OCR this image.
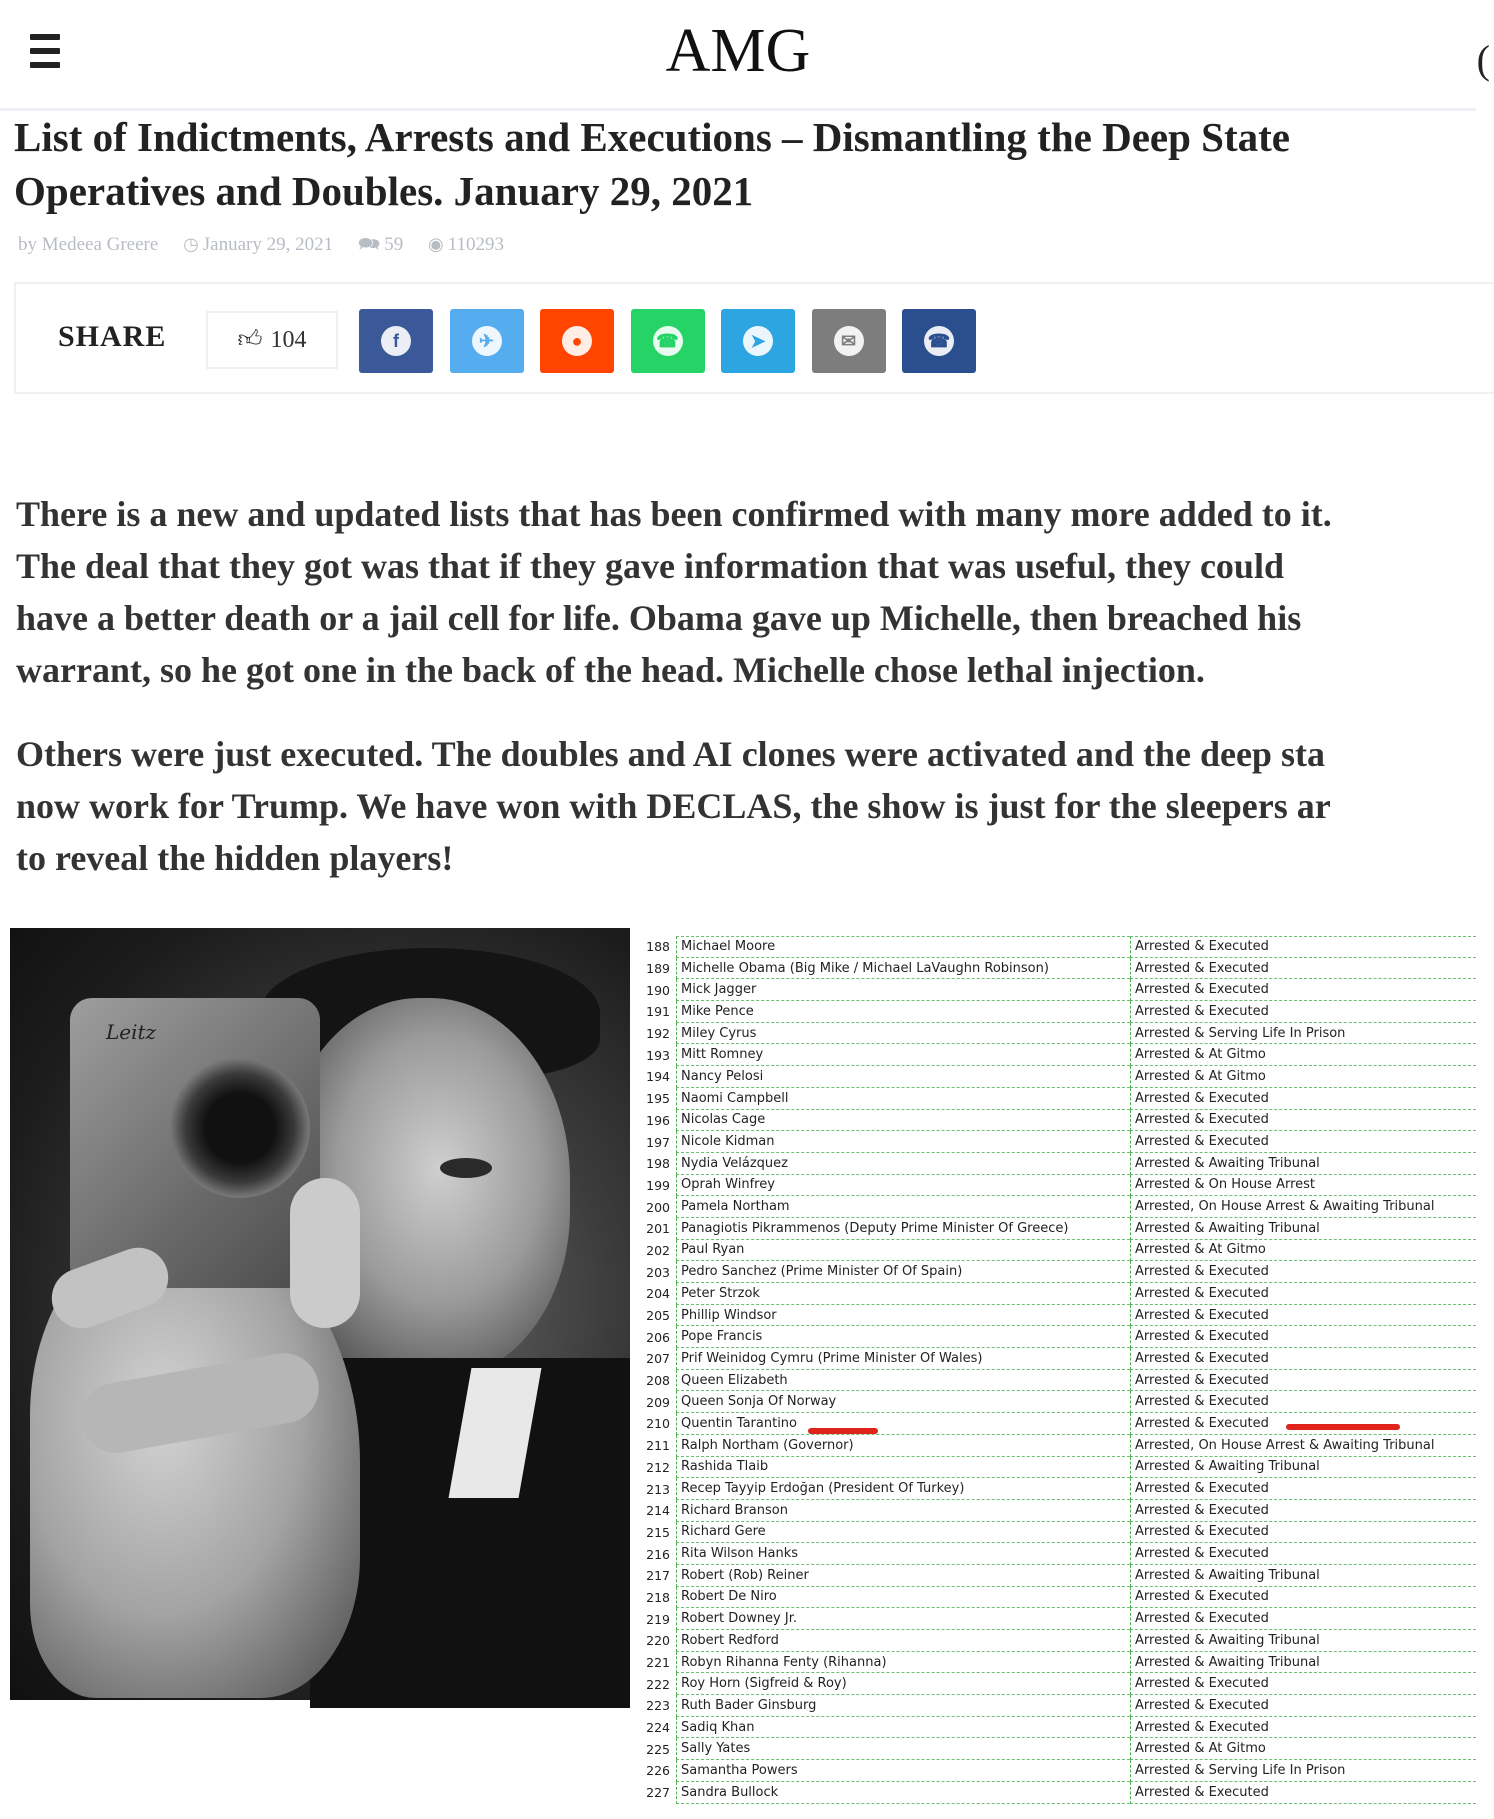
AMG	(
List of Indictments, Arrests and Executions – Dismantling the Deep State Operatives and Doubles. January 29, 2021
by Medeea Greere ◷ January 29, 2021 🗪 59 ◉ 110293
SHARE	👍︎ 104	f	✈	●	☎	➤	✉	☎
There is a new and updated lists that has been confirmed with many more added to it.
The deal that they got was that if they gave information that was useful, they could
have a better death or a jail cell for life. Obama gave up Michelle, then breached his
warrant, so he got one in the back of the head. Michelle chose lethal injection.
Others were just executed. The doubles and AI clones were activated and the deep sta
now work for Trump. We have won with DECLAS, the show is just for the sleepers ar
to reveal the hidden players!
Leitz
188 Michael Moore	Arrested & Executed
189 Michelle Obama (Big Mike / Michael LaVaughn Robinson)	Arrested & Executed
190 Mick Jagger	Arrested & Executed
191 Mike Pence	Arrested & Executed
192 Miley Cyrus	Arrested & Serving Life In Prison
193 Mitt Romney	Arrested & At Gitmo
194 Nancy Pelosi	Arrested & At Gitmo
195 Naomi Campbell	Arrested & Executed
196 Nicolas Cage	Arrested & Executed
197 Nicole Kidman	Arrested & Executed
198 Nydia Velázquez	Arrested & Awaiting Tribunal
199 Oprah Winfrey	Arrested & On House Arrest
200 Pamela Northam	Arrested, On House Arrest & Awaiting Tribunal
201 Panagiotis Pikrammenos (Deputy Prime Minister Of Greece)	Arrested & Awaiting Tribunal
202 Paul Ryan	Arrested & At Gitmo
203 Pedro Sanchez (Prime Minister Of Of Spain)	Arrested & Executed
204 Peter Strzok	Arrested & Executed
205 Phillip Windsor	Arrested & Executed
206 Pope Francis	Arrested & Executed
207 Prif Weinidog Cymru (Prime Minister Of Wales)	Arrested & Executed
208 Queen Elizabeth	Arrested & Executed
209 Queen Sonja Of Norway	Arrested & Executed
210 Quentin Tarantino	Arrested & Executed
211 Ralph Northam (Governor)	Arrested, On House Arrest & Awaiting Tribunal
212 Rashida Tlaib	Arrested & Awaiting Tribunal
213 Recep Tayyip Erdoğan (President Of Turkey)	Arrested & Executed
214 Richard Branson	Arrested & Executed
215 Richard Gere	Arrested & Executed
216 Rita Wilson Hanks	Arrested & Executed
217 Robert (Rob) Reiner	Arrested & Awaiting Tribunal
218 Robert De Niro	Arrested & Executed
219 Robert Downey Jr.	Arrested & Executed
220 Robert Redford	Arrested & Awaiting Tribunal
221 Robyn Rihanna Fenty (Rihanna)	Arrested & Awaiting Tribunal
222 Roy Horn (Sigfreid & Roy)	Arrested & Executed
223 Ruth Bader Ginsburg	Arrested & Executed
224 Sadiq Khan	Arrested & Executed
225 Sally Yates	Arrested & At Gitmo
226 Samantha Powers	Arrested & Serving Life In Prison
227 Sandra Bullock	Arrested & Executed
